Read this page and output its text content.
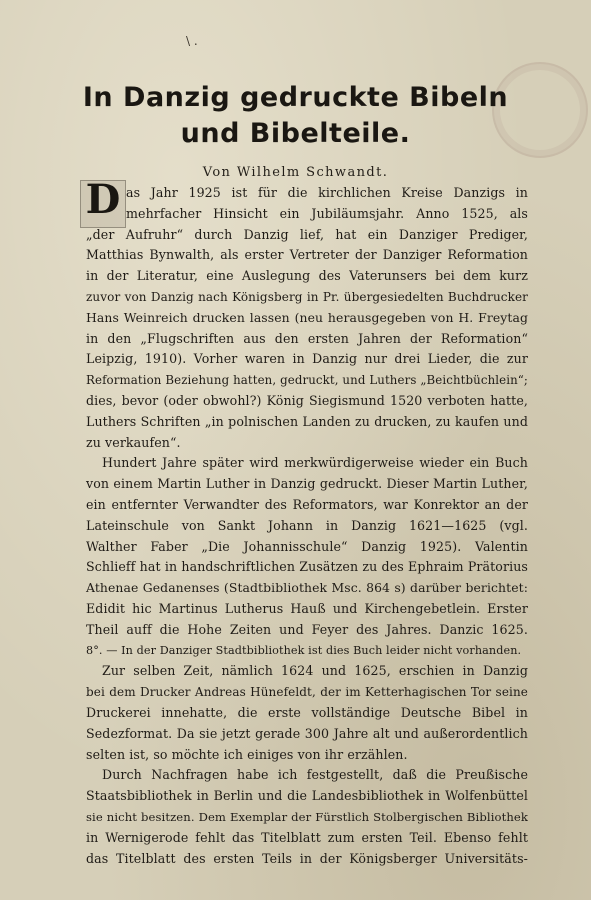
\ .
In Danzig gedruckte Bibeln
und Bibelteile.
Von Wilhelm Schwandt.
D as Jahr 1925 ist für die kirchlichen Kreise Danzigs in
mehrfacher Hinsicht ein Jubiläumsjahr. Anno 1525, als
„der Aufruhr“ durch Danzig lief, hat ein Danziger Prediger,
Matthias Bynwalth, als erster Vertreter der Danziger Reformation
in der Literatur, eine Auslegung des Vaterunsers bei dem kurz
zuvor von Danzig nach Königsberg in Pr. übergesiedelten Buchdrucker
Hans Weinreich drucken lassen (neu herausgegeben von H. Freytag
in den „Flugschriften aus den ersten Jahren der Reformation“
Leipzig, 1910). Vorher waren in Danzig nur drei Lieder, die zur
Reformation Beziehung hatten, gedruckt, und Luthers „Beichtbüchlein“;
dies, bevor (oder obwohl?) König Siegismund 1520 verboten hatte,
Luthers Schriften „in polnischen Landen zu drucken, zu kaufen und
zu verkaufen“.
Hundert Jahre später wird merkwürdigerweise wieder ein Buch
von einem Martin Luther in Danzig gedruckt. Dieser Martin Luther,
ein entfernter Verwandter des Reformators, war Konrektor an der
Lateinschule von Sankt Johann in Danzig 1621—1625 (vgl.
Walther Faber „Die Johannisschule“ Danzig 1925). Valentin
Schlieff hat in handschriftlichen Zusätzen zu des Ephraim Prätorius
Athenae Gedanenses (Stadtbibliothek Msc. 864 s) darüber berichtet:
Edidit hic Martinus Lutherus Hauß und Kirchengebetlein. Erster
Theil auff die Hohe Zeiten und Feyer des Jahres. Danzic 1625.
8°. — In der Danziger Stadtbibliothek ist dies Buch leider nicht vorhanden.
Zur selben Zeit, nämlich 1624 und 1625, erschien in Danzig
bei dem Drucker Andreas Hünefeldt, der im Ketterhagischen Tor seine
Druckerei innehatte, die erste vollständige Deutsche Bibel in
Sedezformat. Da sie jetzt gerade 300 Jahre alt und außerordentlich
selten ist, so möchte ich einiges von ihr erzählen.
Durch Nachfragen habe ich festgestellt, daß die Preußische
Staatsbibliothek in Berlin und die Landesbibliothek in Wolfenbüttel
sie nicht besitzen. Dem Exemplar der Fürstlich Stolbergischen Bibliothek
in Wernigerode fehlt das Titelblatt zum ersten Teil. Ebenso fehlt
das Titelblatt des ersten Teils in der Königsberger Universitäts-
